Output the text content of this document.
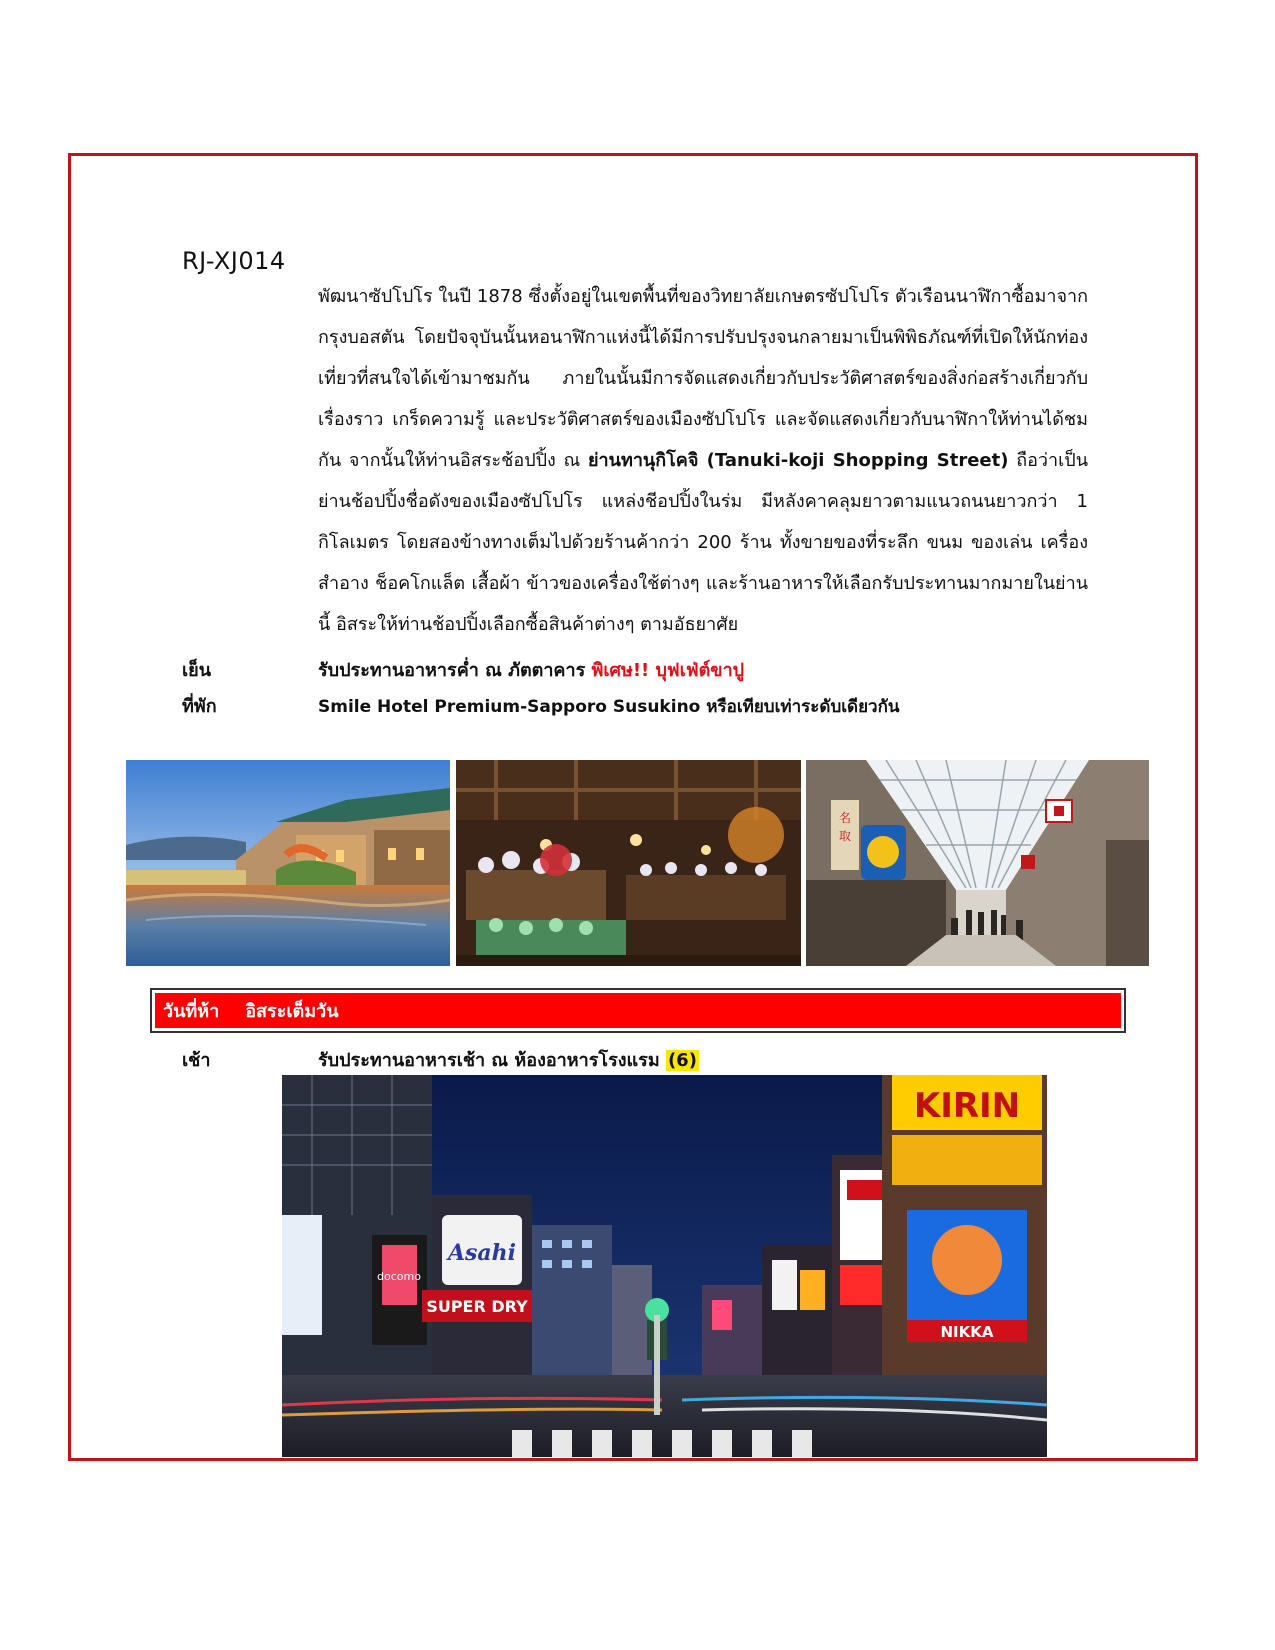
RJ-XJ014
พัฒนาซัปโปโร ในปี 1878 ซึ่งตั้งอยู่ในเขตพื้นที่ของวิทยาลัยเกษตรซัปโปโร ตัวเรือนนาฬิกาซื้อมาจากกรุงบอสตัน โดยปัจจุบันนั้นหอนาฬิกาแห่งนี้ได้มีการปรับปรุงจนกลายมาเป็นพิพิธภัณฑ์ที่เปิดให้นักท่องเที่ยวที่สนใจได้เข้ามาชมกัน ภายในนั้นมีการจัดแสดงเกี่ยวกับประวัติศาสตร์ของสิ่งก่อสร้างเกี่ยวกับเรื่องราว เกร็ดความรู้ และประวัติศาสตร์ของเมืองซัปโปโร และจัดแสดงเกี่ยวกับนาฬิกาให้ท่านได้ชมกัน จากนั้นให้ท่านอิสระช้อปปิ้ง ณ ย่านทานุกิโคจิ (Tanuki-koji Shopping Street) ถือว่าเป็นย่านช้อปปิ้งชื่อดังของเมืองซัปโปโร แหล่งชีอปปิ้งในร่ม มีหลังคาคลุมยาวตามแนวถนนยาวกว่า 1 กิโลเมตร โดยสองข้างทางเต็มไปด้วยร้านค้ากว่า 200 ร้าน ทั้งขายของที่ระลึก ขนม ของเล่น เครื่องสำอาง ช็อคโกแล็ต เสื้อผ้า ข้าวของเครื่องใช้ต่างๆ และร้านอาหารให้เลือกรับประทานมากมายในย่านนี้ อิสระให้ท่านช้อปปิ้งเลือกซื้อสินค้าต่างๆ ตามอัธยาศัย
เย็น	รับประทานอาหารค่ำ ณ ภัตตาคาร พิเศษ!! บุฟเฟ่ต์ขาปู
ที่พัก	Smile Hotel Premium-Sapporo Susukino หรือเทียบเท่าระดับเดียวกัน
名
取
วันที่ห้า อิสระเต็มวัน
เช้า	รับประทานอาหารเช้า ณ ห้องอาหารโรงแรม (6)
docomo
Asahi
SUPER DRY
KIRIN
NIKKA
